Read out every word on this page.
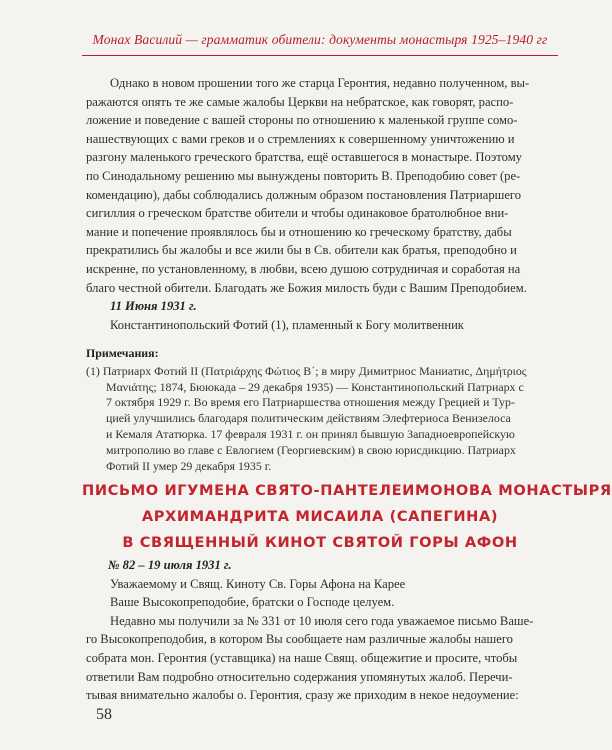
Монах Василий — грамматик обители: документы монастыря 1925–1940 гг
Однако в новом прошении того же старца Геронтия, недавно полученном, вы-
ражаются опять те же самые жалобы Церкви на небратское, как говорят, распо-
ложение и поведение с вашей стороны по отношению к маленькой группе сомо-
нашествующих с вами греков и о стремлениях к совершенному уничтожению и
разгону маленького греческого братства, ещё оставшегося в монастыре. Поэтому
по Синодальному решению мы вынуждены повторить В. Преподобию совет (ре-
комендацию), дабы соблюдались должным образом постановления Патриаршего
сигиллия о греческом братстве обители и чтобы одинаковое братолюбное вни-
мание и попечение проявлялось бы и отношению ко греческому братству, дабы
прекратились бы жалобы и все жили бы в Св. обители как братья, преподобно и
искренне, по установленному, в любви, всею душою сотрудничая и соработая на
благо честной обители. Благодать же Божия милость буди с Вашим Преподобием.
11 Июня 1931 г.
Константинопольский Фотий (1), пламенный к Богу молитвенник
Примечания:
(1) Патриарх Фотий II (Πατριάρχης Φώτιος Β΄; в миру Димитриос Маниатис, Δημήτριος
Μανιάτης; 1874, Бююкада – 29 декабря 1935) — Константинопольский Патриарх с
7 октября 1929 г. Во время его Патриаршества отношения между Грецией и Тур-
цией улучшились благодаря политическим действиям Элефтериоса Венизелоса
и Кемаля Ататюрка. 17 февраля 1931 г. он принял бывшую Западноевропейскую
митрополию во главе с Евлогием (Георгиевским) в свою юрисдикцию. Патриарх
Фотий II умер 29 декабря 1935 г.
ПИСЬМО ИГУМЕНА СВЯТО-ПАНТЕЛЕИМОНОВА МОНАСТЫРЯ
АРХИМАНДРИТА МИСАИЛА (САПЕГИНА)
В СВЯЩЕННЫЙ КИНОТ СВЯТОЙ ГОРЫ АФОН
№ 82 – 19 июля 1931 г.
Уважаемому и Свящ. Киноту Св. Горы Афона на Карее
Ваше Высокопреподобие, братски о Господе целуем.
Недавно мы получили за № 331 от 10 июля сего года уважаемое письмо Ваше-
го Высокопреподобия, в котором Вы сообщаете нам различные жалобы нашего
собрата мон. Геронтия (уставщика) на наше Свящ. общежитие и просите, чтобы
ответили Вам подробно относительно содержания упомянутых жалоб. Перечи-
тывая внимательно жалобы о. Геронтия, сразу же приходим в некое недоумение:
58
